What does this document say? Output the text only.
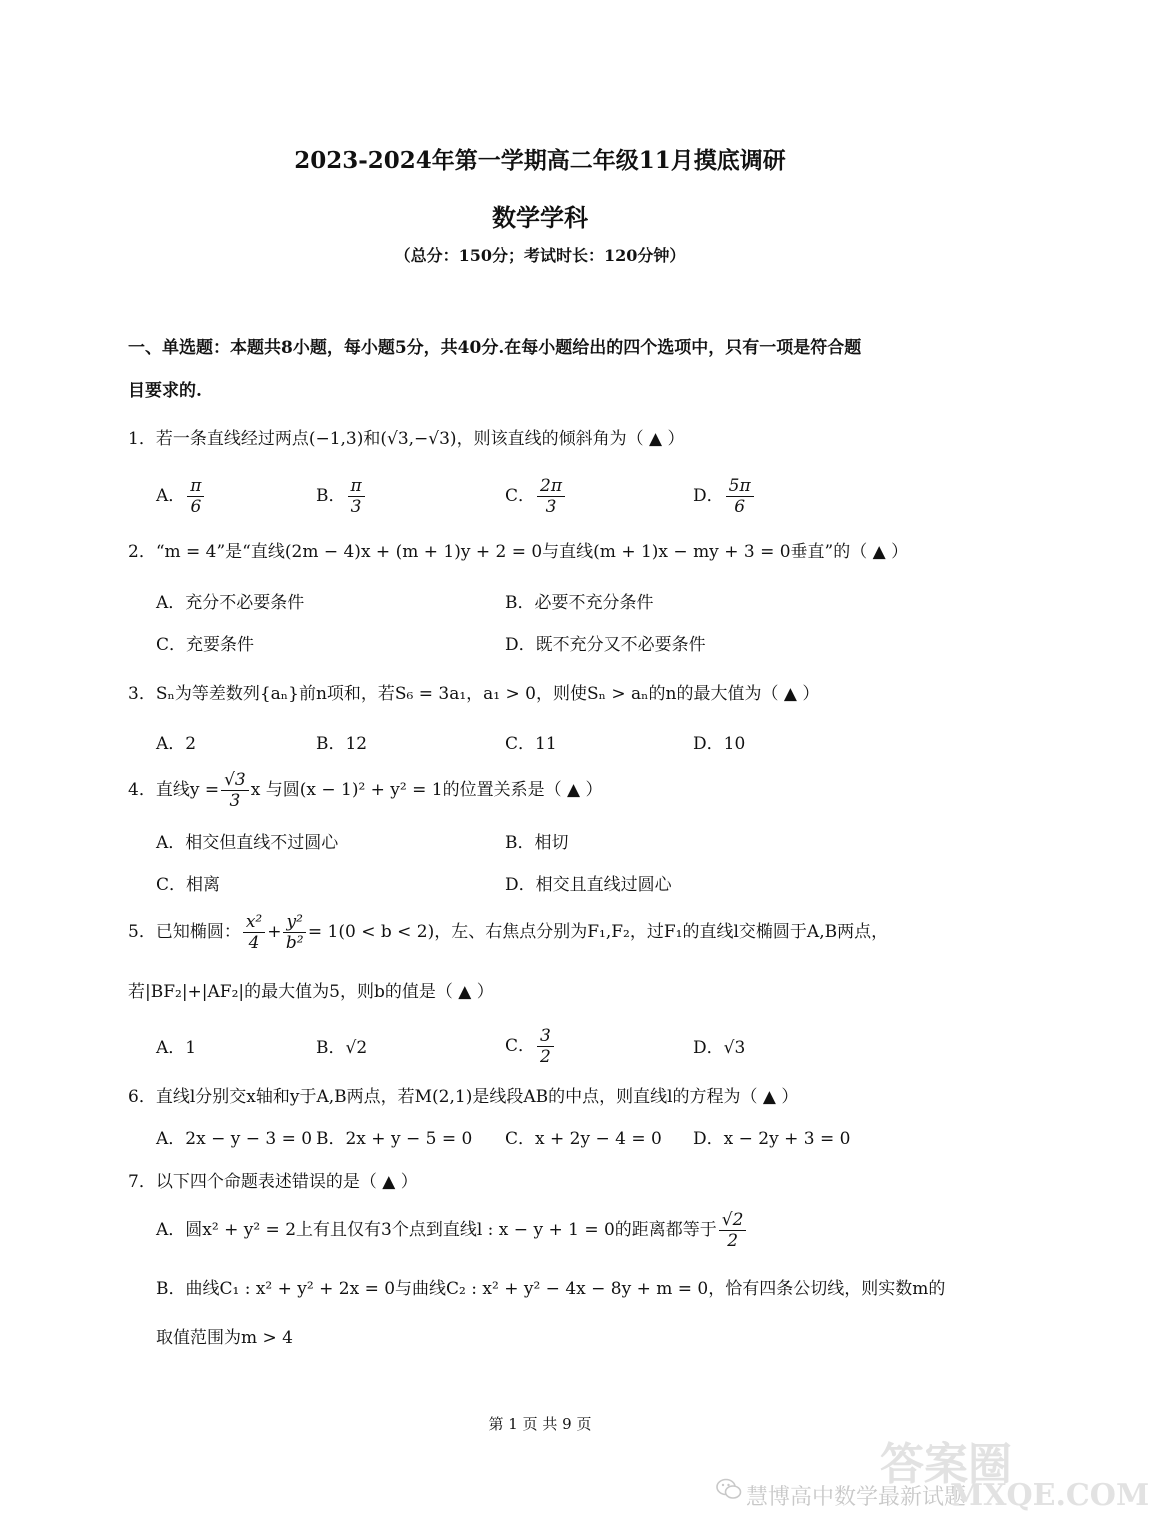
2023-2024年第一学期高二年级11月摸底调研
数学学科
（总分：150分；考试时长：120分钟）
一、单选题：本题共8小题，每小题5分，共40分.在每小题给出的四个选项中，只有一项是符合题
目要求的.
1．若一条直线经过两点(−1,3)和(√3,−√3)，则该直线的倾斜角为（ ▲ ）
A． $\frac{\pi}{6}$	B． $\frac{\pi}{3}$	C． $\frac{2\pi}{3}$	D． $\frac{5\pi}{6}$
2．“m = 4”是“直线(2m − 4)x + (m + 1)y + 2 = 0与直线(m + 1)x − my + 3 = 0垂直”的（ ▲ ）
A．充分不必要条件	B．必要不充分条件
C．充要条件	D．既不充分又不必要条件
3．Sₙ为等差数列{aₙ}前n项和，若S₆ = 3a₁，a₁ > 0，则使Sₙ > aₙ的n的最大值为（ ▲ ）
A．2	B．12	C．11	D．10
4．直线$y = \frac{√3}{3}$ x 与圆(x − 1)² + y² = 1的位置关系是（ ▲ ）
A．相交但直线不过圆心	B．相切
C．相离	D．相交且直线过圆心
5．已知椭圆： $\frac{\text{x²}}{4} + \frac{\text{y²}}{\text{b²}} = 1(0 < b < 2)$，左、右焦点分别为F₁,F₂，过F₁的直线l交椭圆于A,B两点，
若|BF₂|+|AF₂|的最大值为5，则b的值是（ ▲ ）
A．1	B．√2	C． $\frac{3}{2}$	D．√3
6．直线l分别交x轴和y于A,B两点，若M(2,1)是线段AB的中点，则直线l的方程为（ ▲ ）
A．2x − y − 3 = 0 B．2x + y − 5 = 0 C．x + 2y − 4 = 0 D．x − 2y + 3 = 0
7．以下四个命题表述错误的是（ ▲ ）
A．圆x² + y² = 2上有且仅有3个点到直线l : x − y + 1 = 0的距离都等于 $\frac{√2}{2}$
B．曲线C₁ : x² + y² + 2x = 0与曲线C₂ : x² + y² − 4x − 8y + m = 0，恰有四条公切线，则实数m的
取值范围为m > 4
第 1 页 共 9 页
慧博高中数学最新试题
答案圈
MXQE.COM
